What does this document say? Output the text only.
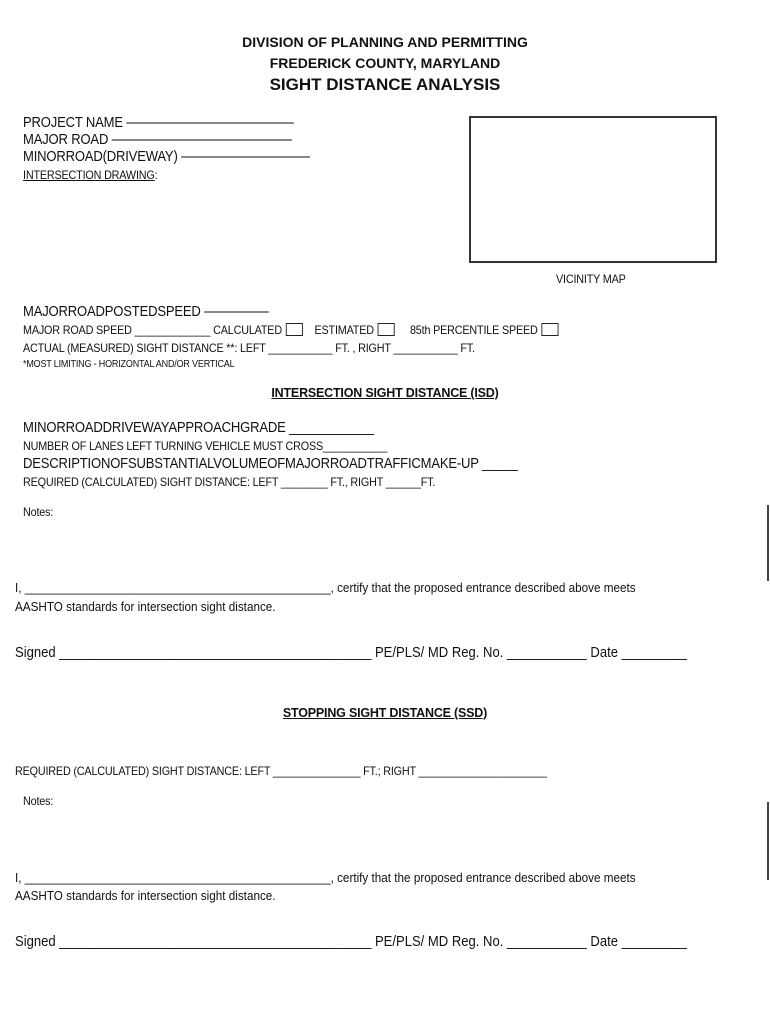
DIVISION OF PLANNING AND PERMITTING
FREDERICK COUNTY, MARYLAND
SIGHT DISTANCE ANALYSIS
PROJECT NAME —————————————
MAJOR ROAD ——————————————
MINORROAD(DRIVEWAY) ——————————
INTERSECTION DRAWING:
VICINITY MAP
MAJORROADPOSTEDSPEED —————
MAJOR ROAD SPEED _____________ CALCULATED	ESTIMATED	85th PERCENTILE SPEED
ACTUAL (MEASURED) SIGHT DISTANCE **: LEFT ___________ FT. , RIGHT ___________ FT.
*MOST LIMITING - HORIZONTAL AND/OR VERTICAL
INTERSECTION SIGHT DISTANCE (ISD)
MINORROADDRIVEWAYAPPROACHGRADE ____________
NUMBER OF LANES LEFT TURNING VEHICLE MUST CROSS___________
DESCRIPTIONOFSUBSTANTIALVOLUMEOFMAJORROADTRAFFICMAKE-UP _____
REQUIRED (CALCULATED) SIGHT DISTANCE: LEFT ________ FT., RIGHT ______FT.
Notes:
I, _______________________________________________, certify that the proposed entrance described above meets
AASHTO standards for intersection sight distance.
Signed ___________________________________________ PE/PLS/ MD Reg. No. ___________ Date _________
STOPPING SIGHT DISTANCE (SSD)
REQUIRED (CALCULATED) SIGHT DISTANCE: LEFT _______________ FT.; RIGHT ______________________
Notes:
I, _______________________________________________, certify that the proposed entrance described above meets
AASHTO standards for intersection sight distance.
Signed ___________________________________________ PE/PLS/ MD Reg. No. ___________ Date _________
